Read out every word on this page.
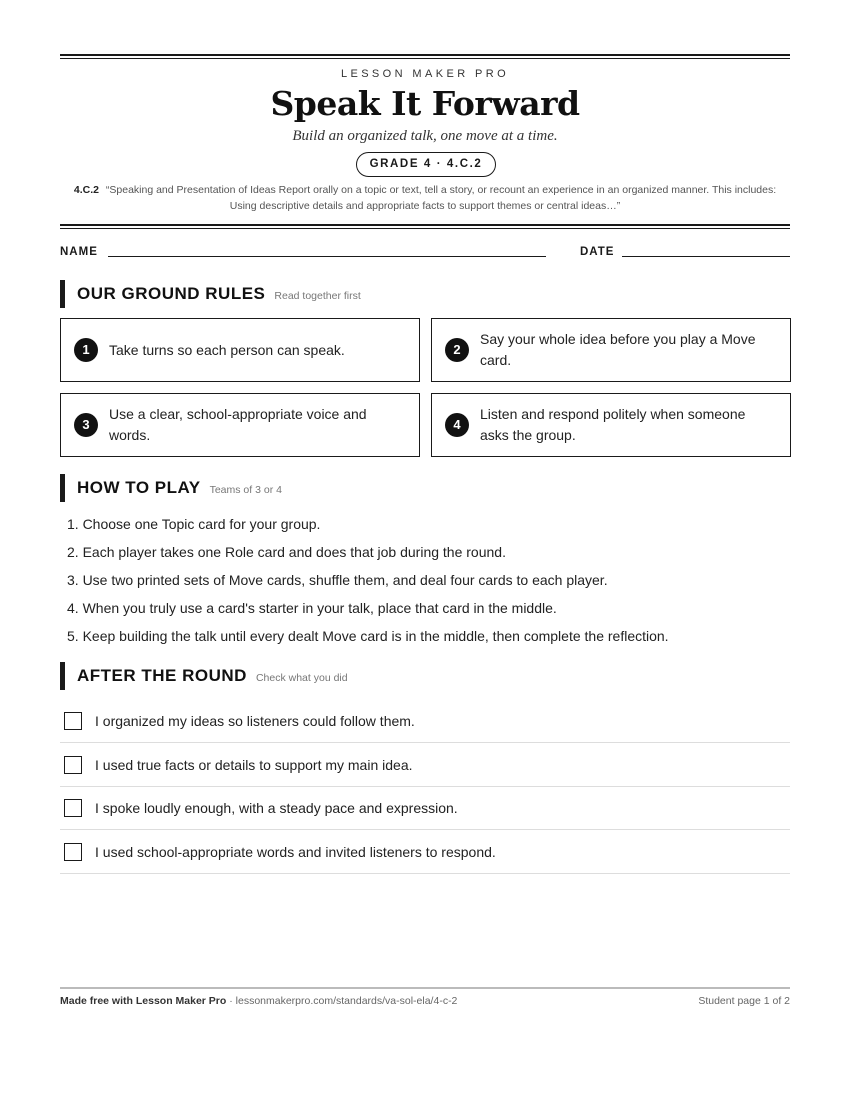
LESSON MAKER PRO
Speak It Forward
Build an organized talk, one move at a time.
GRADE 4 · 4.C.2
4.C.2 “Speaking and Presentation of Ideas Report orally on a topic or text, tell a story, or recount an experience in an organized manner. This includes: Using descriptive details and appropriate facts to support themes or central ideas…”
NAME	DATE
OUR GROUND RULES Read together first
1	Take turns so each person can speak.	2
Say your whole idea before you play a Move card.
3
Use a clear, school-appropriate voice and words.
4
Listen and respond politely when someone asks the group.
HOW TO PLAY Teams of 3 or 4
1. Choose one Topic card for your group.
2. Each player takes one Role card and does that job during the round.
3. Use two printed sets of Move cards, shuffle them, and deal four cards to each player.
4. When you truly use a card's starter in your talk, place that card in the middle.
5. Keep building the talk until every dealt Move card is in the middle, then complete the reflection.
AFTER THE ROUND Check what you did
I organized my ideas so listeners could follow them.
I used true facts or details to support my main idea.
I spoke loudly enough, with a steady pace and expression.
I used school-appropriate words and invited listeners to respond.
Made free with Lesson Maker Pro · lessonmakerpro.com/standards/va-sol-ela/4-c-2	Student page 1 of 2
